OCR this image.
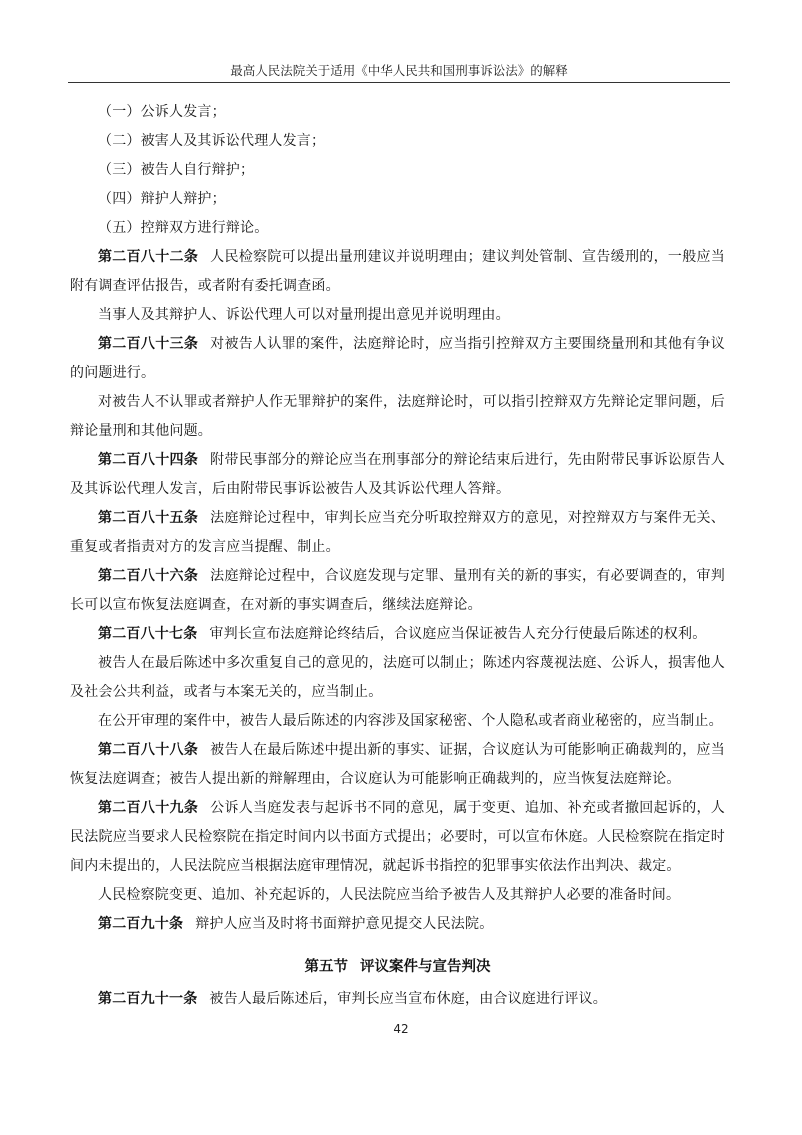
最高人民法院关于适用《中华人民共和国刑事诉讼法》的解释

（一）公诉人发言；

（二）被害人及其诉讼代理人发言；

（三）被告人自行辩护；

（四）辩护人辩护；

（五）控辩双方进行辩论。

第二百八十二条 人民检察院可以提出量刑建议并说明理由；建议判处管制、宣告缓刑的，一般应当附有调查评估报告，或者附有委托调查函。

当事人及其辩护人、诉讼代理人可以对量刑提出意见并说明理由。

第二百八十三条 对被告人认罪的案件，法庭辩论时，应当指引控辩双方主要围绕量刑和其他有争议的问题进行。

对被告人不认罪或者辩护人作无罪辩护的案件，法庭辩论时，可以指引控辩双方先辩论定罪问题，后辩论量刑和其他问题。

第二百八十四条 附带民事部分的辩论应当在刑事部分的辩论结束后进行，先由附带民事诉讼原告人及其诉讼代理人发言，后由附带民事诉讼被告人及其诉讼代理人答辩。

第二百八十五条 法庭辩论过程中，审判长应当充分听取控辩双方的意见，对控辩双方与案件无关、重复或者指责对方的发言应当提醒、制止。

第二百八十六条 法庭辩论过程中，合议庭发现与定罪、量刑有关的新的事实，有必要调查的，审判长可以宣布恢复法庭调查，在对新的事实调查后，继续法庭辩论。

第二百八十七条 审判长宣布法庭辩论终结后，合议庭应当保证被告人充分行使最后陈述的权利。

被告人在最后陈述中多次重复自己的意见的，法庭可以制止；陈述内容蔑视法庭、公诉人，损害他人及社会公共利益，或者与本案无关的，应当制止。

在公开审理的案件中，被告人最后陈述的内容涉及国家秘密、个人隐私或者商业秘密的，应当制止。

第二百八十八条 被告人在最后陈述中提出新的事实、证据，合议庭认为可能影响正确裁判的，应当恢复法庭调查；被告人提出新的辩解理由，合议庭认为可能影响正确裁判的，应当恢复法庭辩论。

第二百八十九条 公诉人当庭发表与起诉书不同的意见，属于变更、追加、补充或者撤回起诉的，人民法院应当要求人民检察院在指定时间内以书面方式提出；必要时，可以宣布休庭。人民检察院在指定时间内未提出的，人民法院应当根据法庭审理情况，就起诉书指控的犯罪事实依法作出判决、裁定。

人民检察院变更、追加、补充起诉的，人民法院应当给予被告人及其辩护人必要的准备时间。

第二百九十条 辩护人应当及时将书面辩护意见提交人民法院。

第五节 评议案件与宣告判决

第二百九十一条 被告人最后陈述后，审判长应当宣布休庭，由合议庭进行评议。

42
